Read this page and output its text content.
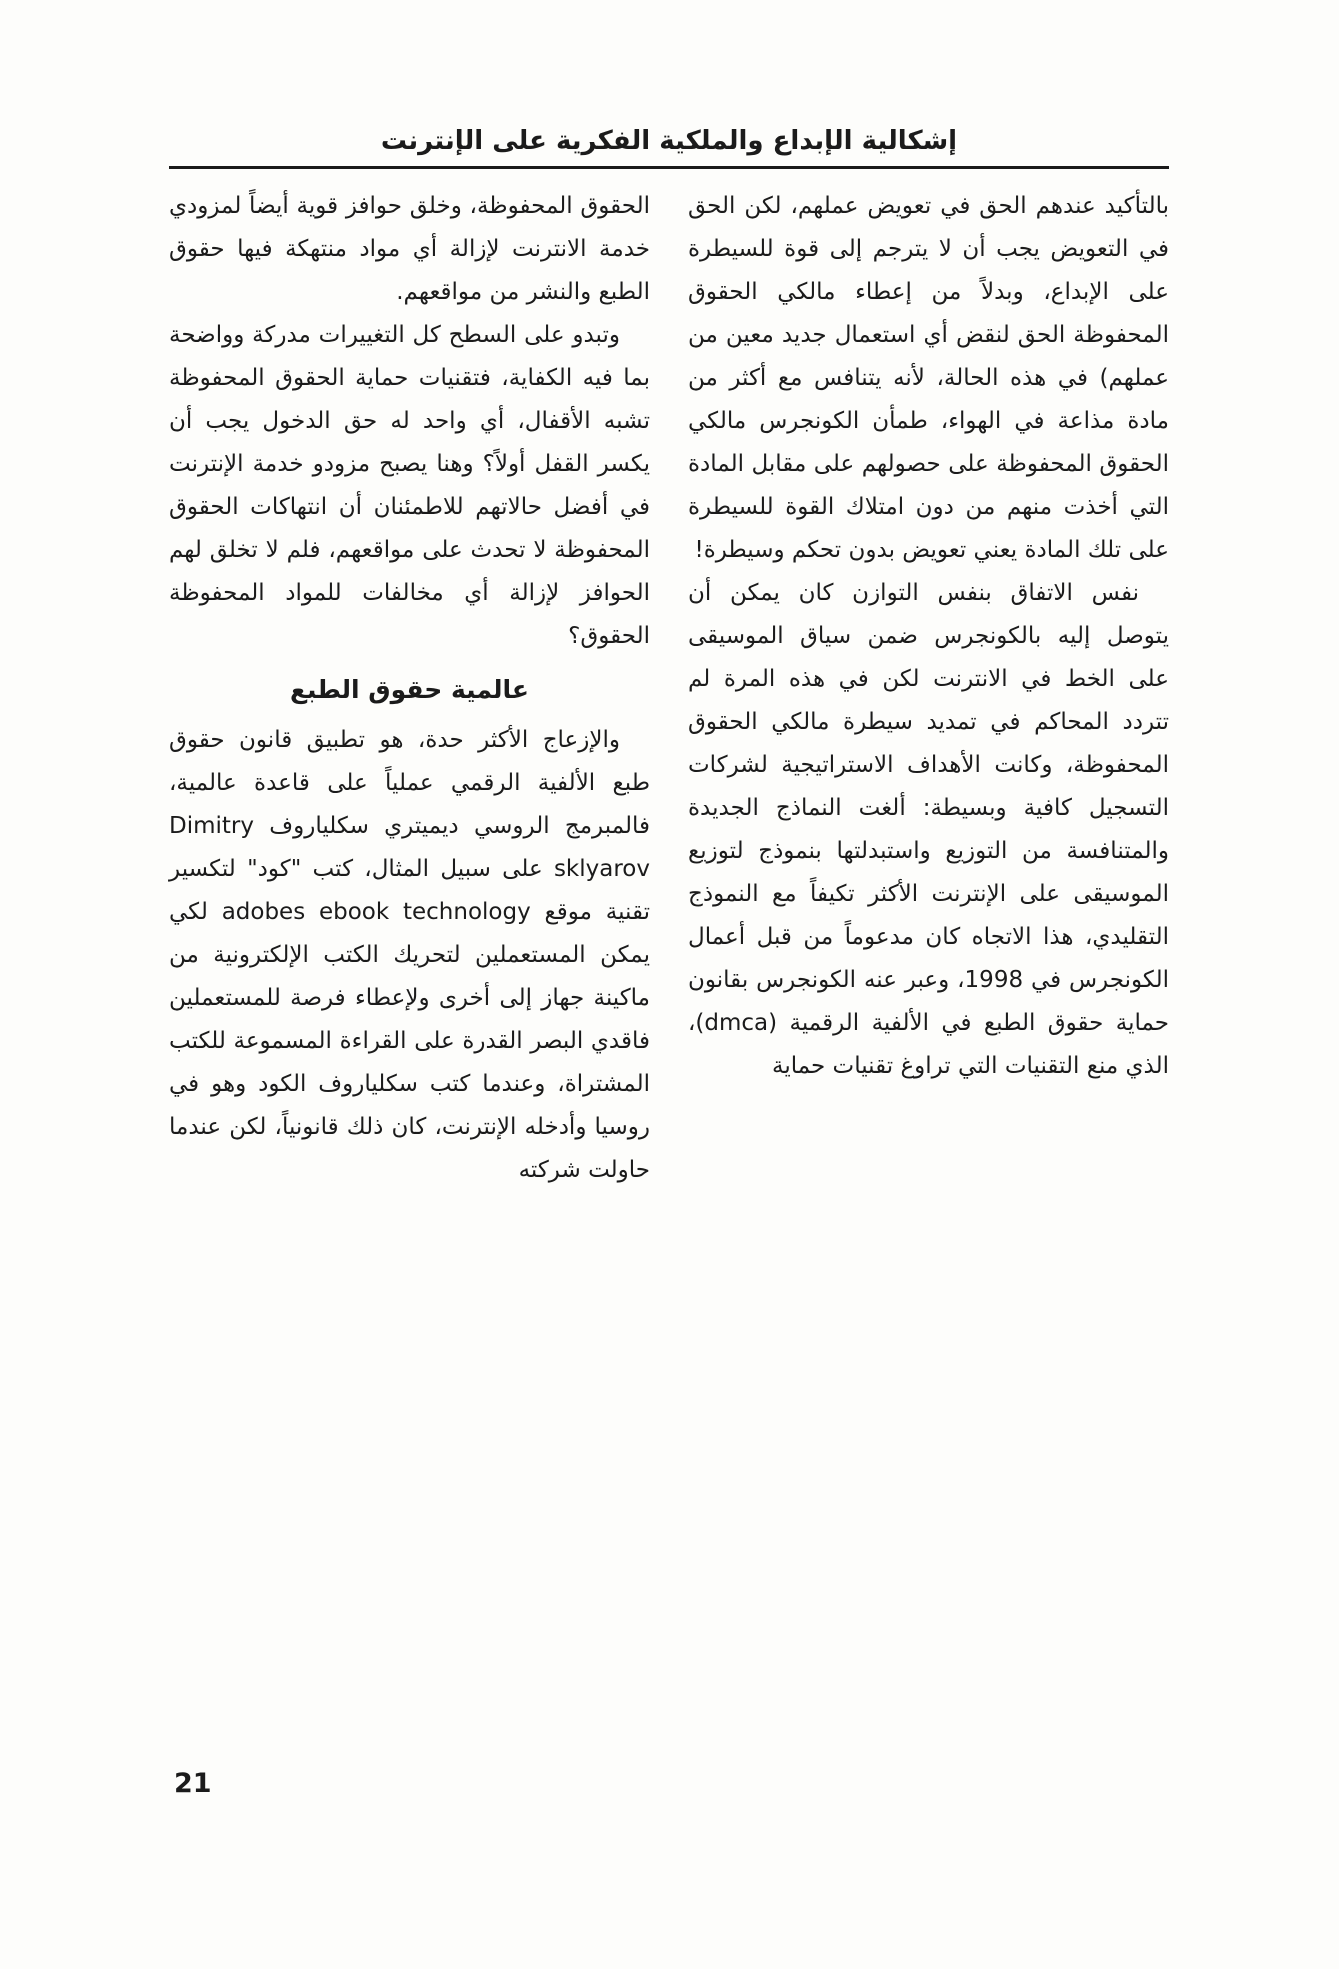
إشكالية الإبداع والملكية الفكرية على الإنترنت

بالتأكيد عندهم الحق في تعويض عملهم، لكن الحق في التعويض يجب أن لا يترجم إلى قوة للسيطرة على الإبداع، وبدلاً من إعطاء مالكي الحقوق المحفوظة الحق لنقض أي استعمال جديد معين من عملهم) في هذه الحالة، لأنه يتنافس مع أكثر من مادة مذاعة في الهواء، طمأن الكونجرس مالكي الحقوق المحفوظة على حصولهم على مقابل المادة التي أخذت منهم من دون امتلاك القوة للسيطرة على تلك المادة يعني تعويض بدون تحكم وسيطرة!

نفس الاتفاق بنفس التوازن كان يمكن أن يتوصل إليه بالكونجرس ضمن سياق الموسيقى على الخط في الانترنت لكن في هذه المرة لم تتردد المحاكم في تمديد سيطرة مالكي الحقوق المحفوظة، وكانت الأهداف الاستراتيجية لشركات التسجيل كافية وبسيطة: ألغت النماذج الجديدة والمتنافسة من التوزيع واستبدلتها بنموذج لتوزيع الموسيقى على الإنترنت الأكثر تكيفاً مع النموذج التقليدي، هذا الاتجاه كان مدعوماً من قبل أعمال الكونجرس في 1998، وعبر عنه الكونجرس بقانون حماية حقوق الطبع في الألفية الرقمية (dmca)، الذي منع التقنيات التي تراوغ تقنيات حماية

الحقوق المحفوظة، وخلق حوافز قوية أيضاً لمزودي خدمة الانترنت لإزالة أي مواد منتهكة فيها حقوق الطبع والنشر من مواقعهم.

وتبدو على السطح كل التغييرات مدركة وواضحة بما فيه الكفاية، فتقنيات حماية الحقوق المحفوظة تشبه الأقفال، أي واحد له حق الدخول يجب أن يكسر القفل أولاً؟ وهنا يصبح مزودو خدمة الإنترنت في أفضل حالاتهم للاطمئنان أن انتهاكات الحقوق المحفوظة لا تحدث على مواقعهم، فلم لا تخلق لهم الحوافز لإزالة أي مخالفات للمواد المحفوظة الحقوق؟

عالمية حقوق الطبع

والإزعاج الأكثر حدة، هو تطبيق قانون حقوق طبع الألفية الرقمي عملياً على قاعدة عالمية، فالمبرمج الروسي ديميتري سكلياروف Dimitry sklyarov على سبيل المثال، كتب "كود" لتكسير تقنية موقع adobes ebook technology لكي يمكن المستعملين لتحريك الكتب الإلكترونية من ماكينة جهاز إلى أخرى ولإعطاء فرصة للمستعملين فاقدي البصر القدرة على القراءة المسموعة للكتب المشتراة، وعندما كتب سكلياروف الكود وهو في روسيا وأدخله الإنترنت، كان ذلك قانونياً، لكن عندما حاولت شركته

21
